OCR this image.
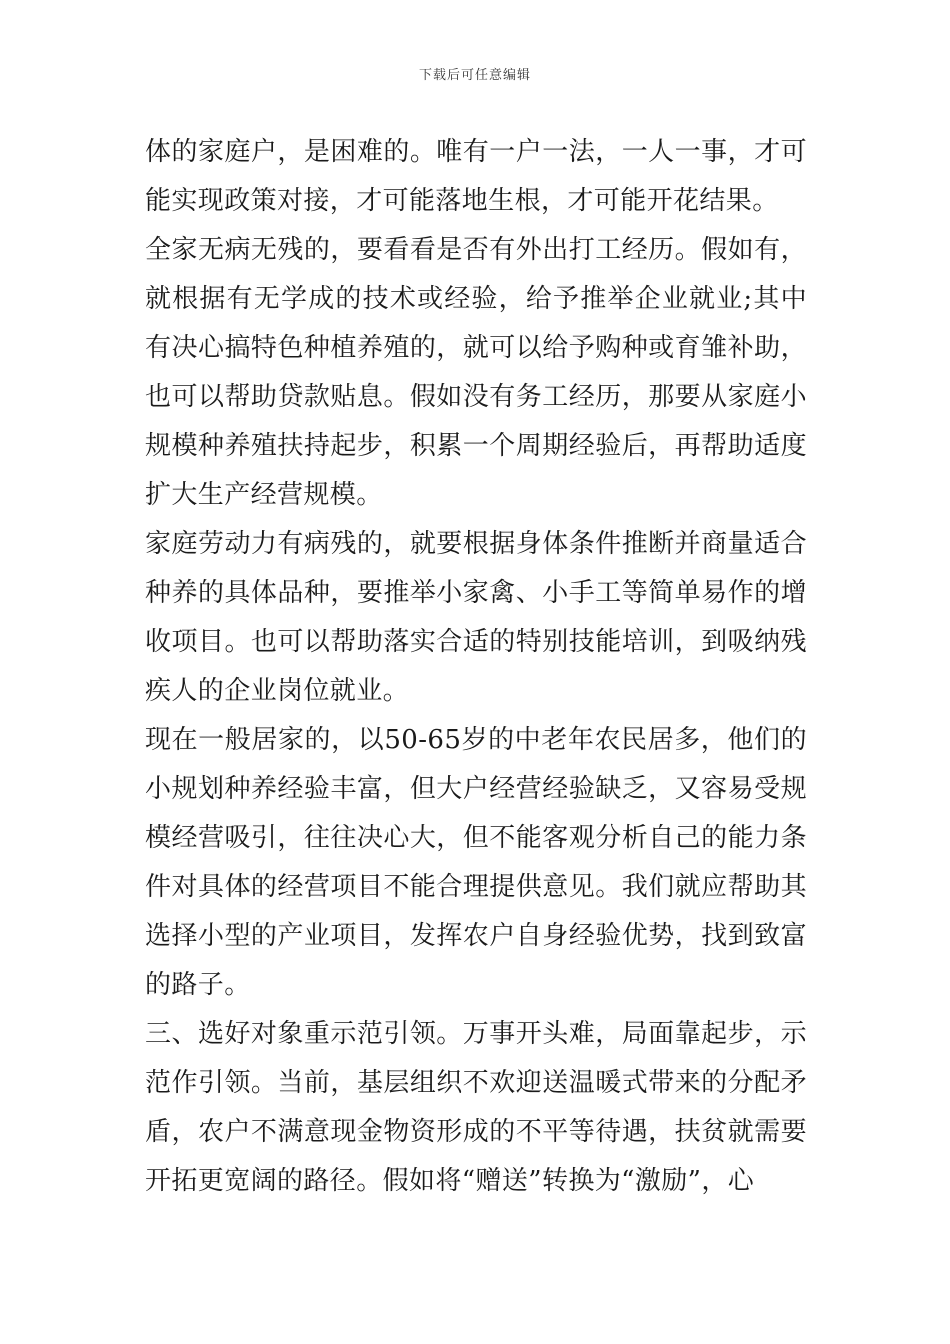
下载后可任意编辑

体的家庭户，是困难的。唯有一户一法，一人一事，才可能实现政策对接，才可能落地生根，才可能开花结果。

全家无病无残的，要看看是否有外出打工经历。假如有，就根据有无学成的技术或经验，给予推举企业就业;其中有决心搞特色种植养殖的，就可以给予购种或育雏补助，也可以帮助贷款贴息。假如没有务工经历，那要从家庭小规模种养殖扶持起步，积累一个周期经验后，再帮助适度扩大生产经营规模。

家庭劳动力有病残的，就要根据身体条件推断并商量适合种养的具体品种，要推举小家禽、小手工等简单易作的增收项目。也可以帮助落实合适的特别技能培训，到吸纳残疾人的企业岗位就业。

现在一般居家的，以50-65岁的中老年农民居多，他们的小规划种养经验丰富，但大户经营经验缺乏，又容易受规模经营吸引，往往决心大，但不能客观分析自己的能力条件对具体的经营项目不能合理提供意见。我们就应帮助其选择小型的产业项目，发挥农户自身经验优势，找到致富的路子。

三、选好对象重示范引领。万事开头难，局面靠起步，示范作引领。当前，基层组织不欢迎送温暖式带来的分配矛盾，农户不满意现金物资形成的不平等待遇，扶贫就需要开拓更宽阔的路径。假如将“赠送”转换为“激励”，心
